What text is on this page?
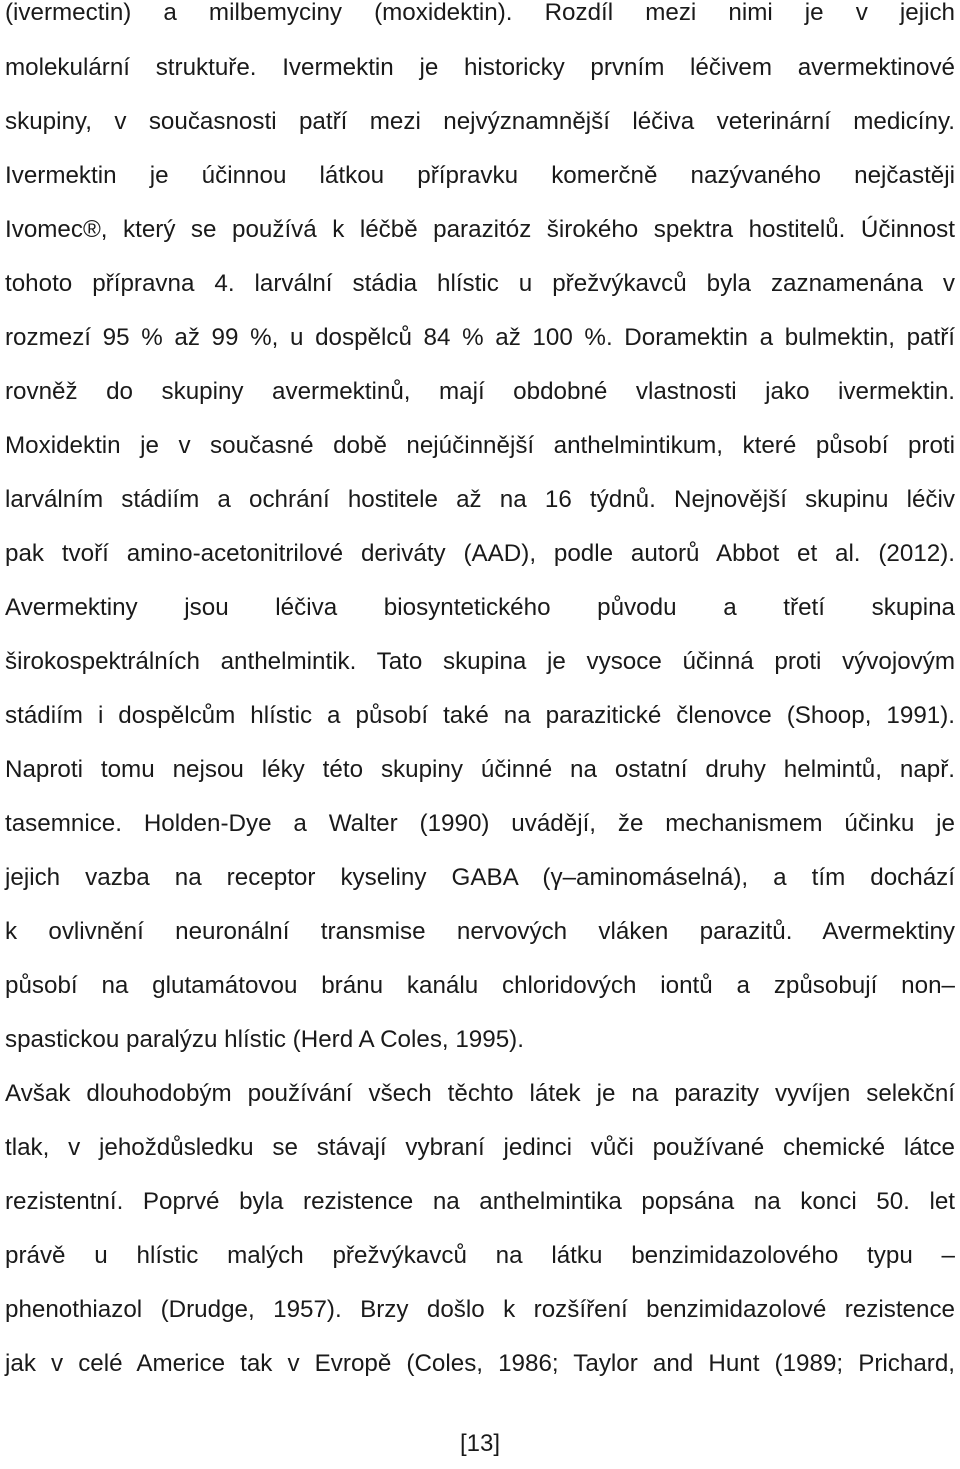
(ivermectin) a milbemyciny (moxidektin). Rozdíl mezi nimi je v jejich
molekulární struktuře. Ivermektin je historicky prvním léčivem avermektinové
skupiny, v současnosti patří mezi nejvýznamnější léčiva veterinární medicíny.
Ivermektin je účinnou látkou přípravku komerčně nazývaného nejčastěji
Ivomec®, který se používá k léčbě parazitóz širokého spektra hostitelů. Účinnost
tohoto přípravna 4. larvální stádia hlístic u přežvýkavců byla zaznamenána v
rozmezí 95 % až 99 %, u dospělců 84 % až 100 %. Doramektin a bulmektin, patří
rovněž do skupiny avermektinů, mají obdobné vlastnosti jako ivermektin.
Moxidektin je v současné době nejúčinnější anthelmintikum, které působí proti
larválním stádiím a ochrání hostitele až na 16 týdnů. Nejnovější skupinu léčiv
pak tvoří amino-acetonitrilové deriváty (AAD), podle autorů Abbot et al. (2012).
Avermektiny jsou léčiva biosyntetického původu a třetí skupina
širokospektrálních anthelmintik. Tato skupina je vysoce účinná proti vývojovým
stádiím i dospělcům hlístic a působí také na parazitické členovce (Shoop, 1991).
Naproti tomu nejsou léky této skupiny účinné na ostatní druhy helmintů, např.
tasemnice. Holden-Dye a Walter (1990) uvádějí, že mechanismem účinku je
jejich vazba na receptor kyseliny GABA (γ–aminomáselná), a tím dochází
k ovlivnění neuronální transmise nervových vláken parazitů. Avermektiny
působí na glutamátovou bránu kanálu chloridových iontů a způsobují non–
spastickou paralýzu hlístic (Herd A Coles, 1995).
Avšak dlouhodobým používání všech těchto látek je na parazity vyvíjen selekční
tlak, v jehoždůsledku se stávají vybraní jedinci vůči používané chemické látce
rezistentní. Poprvé byla rezistence na anthelmintika popsána na konci 50. let
právě u hlístic malých přežvýkavců na látku benzimidazolového typu –
phenothiazol (Drudge, 1957). Brzy došlo k rozšíření benzimidazolové rezistence
jak v celé Americe tak v Evropě (Coles, 1986; Taylor and Hunt (1989; Prichard,
[13]
